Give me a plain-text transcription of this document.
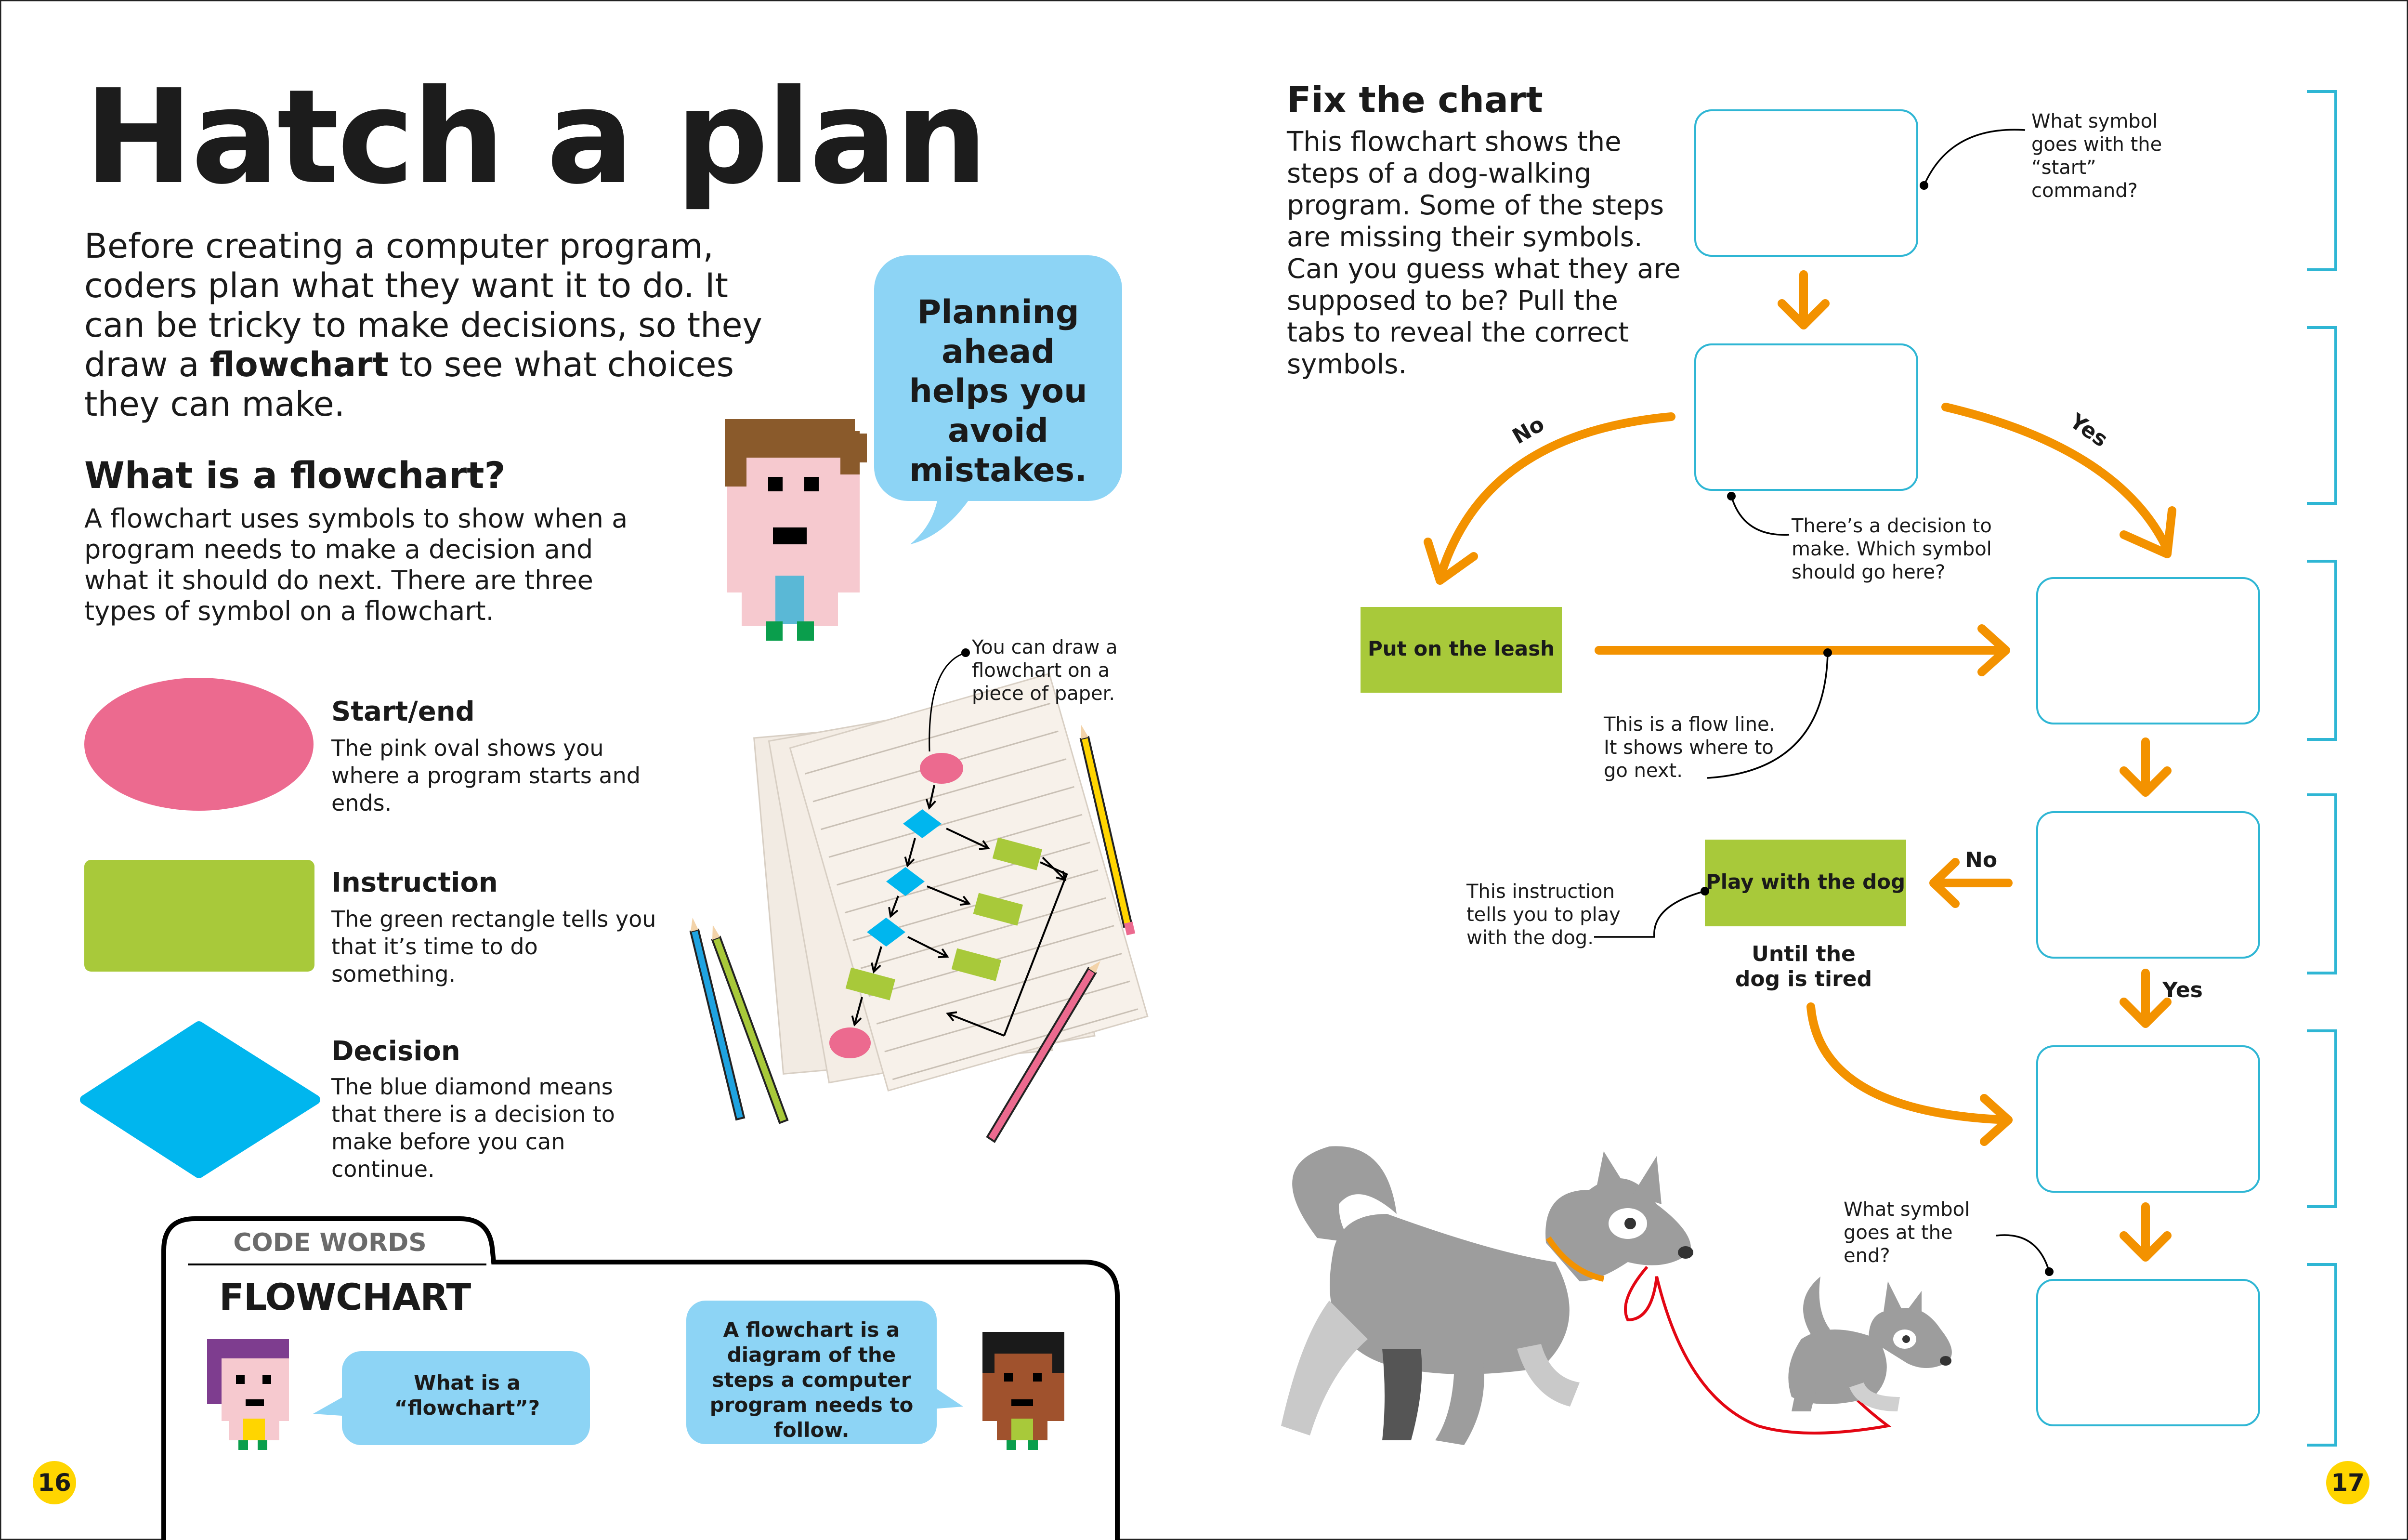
Hatch a plan
Before creating a computer program, coders plan what they want it to do. It can be tricky to make decisions, so they draw a flowchart to see what choices they can make.
Planning ahead helps you avoid mistakes.
What is a flowchart?
A flowchart uses symbols to show when a program needs to make a decision and what it should do next. There are three types of symbol on a flowchart.
Start/end
The pink oval shows you where a program starts and ends.
Instruction
The green rectangle tells you that it’s time to do something.
Decision
The blue diamond means that there is a decision to make before you can continue.
You can draw a flowchart on a piece of paper.
CODE WORDS
FLOWCHART
What is a “flowchart”?
A flowchart is a diagram of the steps a computer program needs to follow.
16
Fix the chart
This flowchart shows the steps of a dog-walking program. Some of the steps are missing their symbols. Can you guess what they are supposed to be? Pull the tabs to reveal the correct symbols.
What symbol goes with the “start” command?
There’s a decision to make. Which symbol should go here?
This is a flow line. It shows where to go next.
This instruction tells you to play with the dog.
What symbol goes at the end?
No	Yes
Put on the leash
Play with the dog
No
Yes
Until the dog is tired
17
